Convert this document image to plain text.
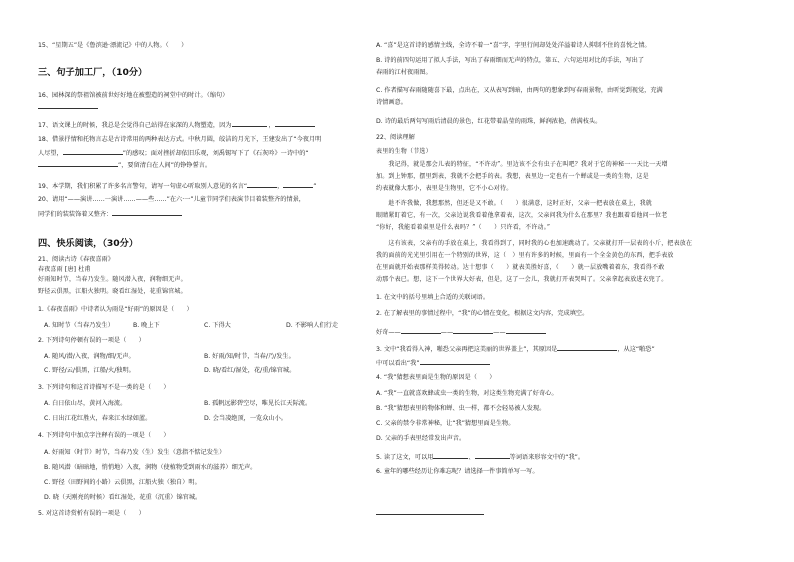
15、“星期五”是《鲁滨逊·漂流记》中的人物。（　　）
三、句子加工厂，（10分）
16、园林深的祭祖馆被前世好好地在被塑造的祠堂中的时计。（缩句）
17、语文课上的时候，我总是会觉得自己站得在家深的人物塑造，因为	，
18、借景抒情和托物言志是古诗常用的两种表达方式。中秋月圆，皎洁的月光下，王建发出了“今夜月明
人尽望，	”的感叹；面对挫折却依旧乐观，刘禹锡写下了《石灰吟》一诗中的“
”，要留清白在人间”的铮铮誓言。
19、本学期，我们积累了许多名言警句，请写一句虚心听取别人意见的名言“	，	”
20、请用“——演讲……一演讲……——些……”在六·一”儿童节同学们表演节目着装整齐的情景，
同学们的装装饰着又整齐：
四、快乐阅读，（30分）
21、阅读古诗《春夜喜雨》
春夜喜雨 [唐] 杜甫
好雨知时节，当春乃发生。随风潜入夜，润物细无声。
野径云俱黑，江船火独明。晓看红湿处，花重锦官城。
1.《春夜喜雨》中诗者认为雨是“好雨”的原因是（　　）
A. 知时节（当春乃发生）	B. 晚上下	C. 下得大	D. 不影响人们行走
2. 下列诗句停顿有误的一项是（　　）
A. 随风/潜/入夜，润物/细/无声。	B. 好雨/知/时节，当春/乃/发生。
C. 野径/云/俱黑，江船/火/独明。	D. 晓/看红/湿处，花/重/锦官城。
3. 下列诗句和这首诗描写不是一类的是（　　）
A. 白日依山尽，黄河入海流。	B. 孤帆远影碧空尽，唯见长江天际流。
C. 日出江花红胜火，春来江水绿如蓝。	D. 会当凌绝顶，一览众山小。
4. 下列诗句中加点字注释有误的一项是（　　）
A. 好雨知（时节）时节，当春乃发（生）发生（意指不惦记发生）
B. 随风潜（暗暗地，悄悄地）入夜，润物（使植物受到雨水的滋养）细无声。
C. 野径（田野间的小路）云俱黑，江船火独（独自）明。
D. 晓（天刚亮的时候）看红湿处，花重（沉重）锦官城。
5. 对这首诗赏析有误的一项是（　　）
A. “喜”是这首诗的感情主线，全诗不着一“喜”字，字里行间却处处洋溢着诗人抑制不住的喜悦之情。
B. 诗的前四句运用了拟人手法，写出了春雨细而无声的特点，第五、六句运用对比的手法，写出了
春雨的江村夜雨图。
C. 作者描写春雨随随喜下最，点出在，又从表写到暗，由两句的想象到写春雨景物，由听觉到视觉，充满
诗情画意。
D. 诗的最后两句写雨后清晨的景色，红花带着晶莹的雨珠，鲜润浓艳，蓓满枝头。
22、阅读理解
表里的生物（节选）
　　我记得，就是那会儿表的特征，“不许动”。里边该不会有虫子在叫吧？我对于它的神秘一一天比一天增
加。到上钟那，摆里到表，我就不会把手的表。我想，表里边一定也有一个蝉或是一类的生物，这是
约表就像大那小，表里是生物里，它不小心对待。
　　趁不许我做，我想那然，但还是又不敢。（　　）很满意，这时正好，父亲一把表放在桌上，我就
眼睛紧盯着它，有一次，父亲边说我看着他拿着表，这次，父亲问我为什么在那里？我也跟着看他问一位老
“你好，我能看着桌里是什么表吗？”（　　）只许看，不许动。”
　　这有该表，父亲有的手放在桌上，我看得到了，同时我的心也加速跳动了。父亲就打开一层表的小斤，把表放在
我的面前的光光里引用在一个特别的世界，这（　）里有许多的时候，里面有一个全金黄色的东西，把手表放
在里面就开始表那样美得转动。达十想事（　　）就表美胜好喜，（　　）就一层放嘴着着东，我看得不敢
动那个表已。想，这下一个世界大好表，但是，这了一会儿，我就打开表哭叫了。父亲拿起表放进衣兜了。
1. 在文中的括号里填上合适的关联词语。
2. 在了解表里的事情过程中，“我”的心情在变化，根据这文内容，完成填空。
好奇——	——	——
3. 文中“我看得入神，啪恐父亲再把这美丽的世界盖上”，其原因是	，从这“啪恐”
中可以看出“我”
4. “我”猜想表里面是生物的原因是（　　）
A. “我”一直就喜欢蜂或虫一类的生物，对这类生物充满了好奇心。
B. “我”猜想表里的物体和蝉、虫一样，都不会轻易被人发现。
C. 父亲的禁令非常神秘，让“我”猜想里面是生物。
D. 父亲的手表里经常发出声音。
5. 读了这文，可以用	、	等词语来形容文中的“我”。
6. 童年的哪些经历让你难忘呢？请选择一件事简单写一写。
